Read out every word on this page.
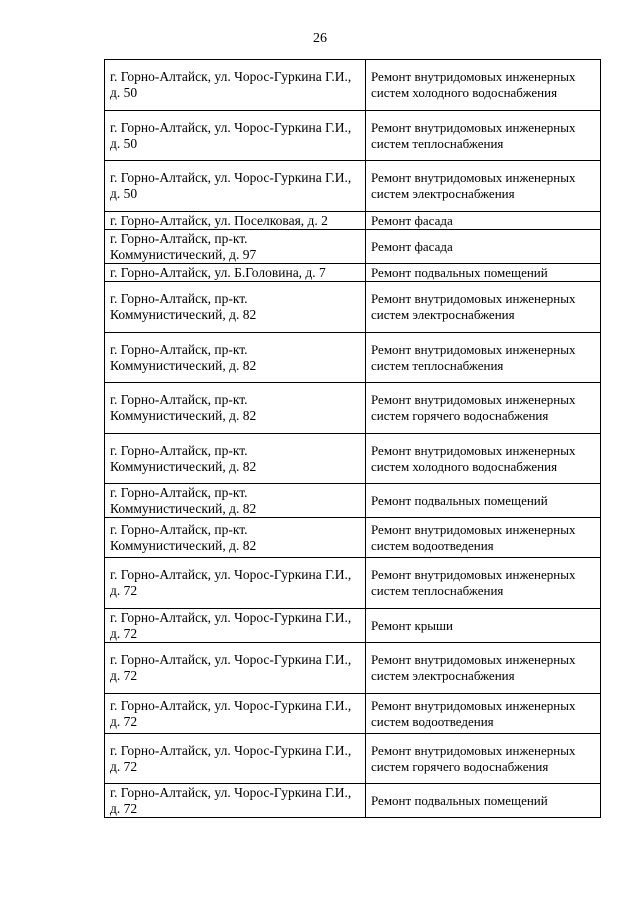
26
г. Горно-Алтайск, ул. Чорос-Гуркина Г.И., д. 50	Ремонт внутридомовых инженерных систем холодного водоснабжения
г. Горно-Алтайск, ул. Чорос-Гуркина Г.И., д. 50	Ремонт внутридомовых инженерных систем теплоснабжения
г. Горно-Алтайск, ул. Чорос-Гуркина Г.И., д. 50	Ремонт внутридомовых инженерных систем электроснабжения
г. Горно-Алтайск, ул. Поселковая, д. 2	Ремонт фасада
г. Горно-Алтайск, пр-кт. Коммунистический, д. 97	Ремонт фасада
г. Горно-Алтайск, ул. Б.Головина, д. 7	Ремонт подвальных помещений
г. Горно-Алтайск, пр-кт. Коммунистический, д. 82	Ремонт внутридомовых инженерных систем электроснабжения
г. Горно-Алтайск, пр-кт. Коммунистический, д. 82	Ремонт внутридомовых инженерных систем теплоснабжения
г. Горно-Алтайск, пр-кт. Коммунистический, д. 82	Ремонт внутридомовых инженерных систем горячего водоснабжения
г. Горно-Алтайск, пр-кт. Коммунистический, д. 82	Ремонт внутридомовых инженерных систем холодного водоснабжения
г. Горно-Алтайск, пр-кт. Коммунистический, д. 82	Ремонт подвальных помещений
г. Горно-Алтайск, пр-кт. Коммунистический, д. 82	Ремонт внутридомовых инженерных систем водоотведения
г. Горно-Алтайск, ул. Чорос-Гуркина Г.И., д. 72	Ремонт внутридомовых инженерных систем теплоснабжения
г. Горно-Алтайск, ул. Чорос-Гуркина Г.И., д. 72	Ремонт крыши
г. Горно-Алтайск, ул. Чорос-Гуркина Г.И., д. 72	Ремонт внутридомовых инженерных систем электроснабжения
г. Горно-Алтайск, ул. Чорос-Гуркина Г.И., д. 72	Ремонт внутридомовых инженерных систем водоотведения
г. Горно-Алтайск, ул. Чорос-Гуркина Г.И., д. 72	Ремонт внутридомовых инженерных систем горячего водоснабжения
г. Горно-Алтайск, ул. Чорос-Гуркина Г.И., д. 72	Ремонт подвальных помещений
